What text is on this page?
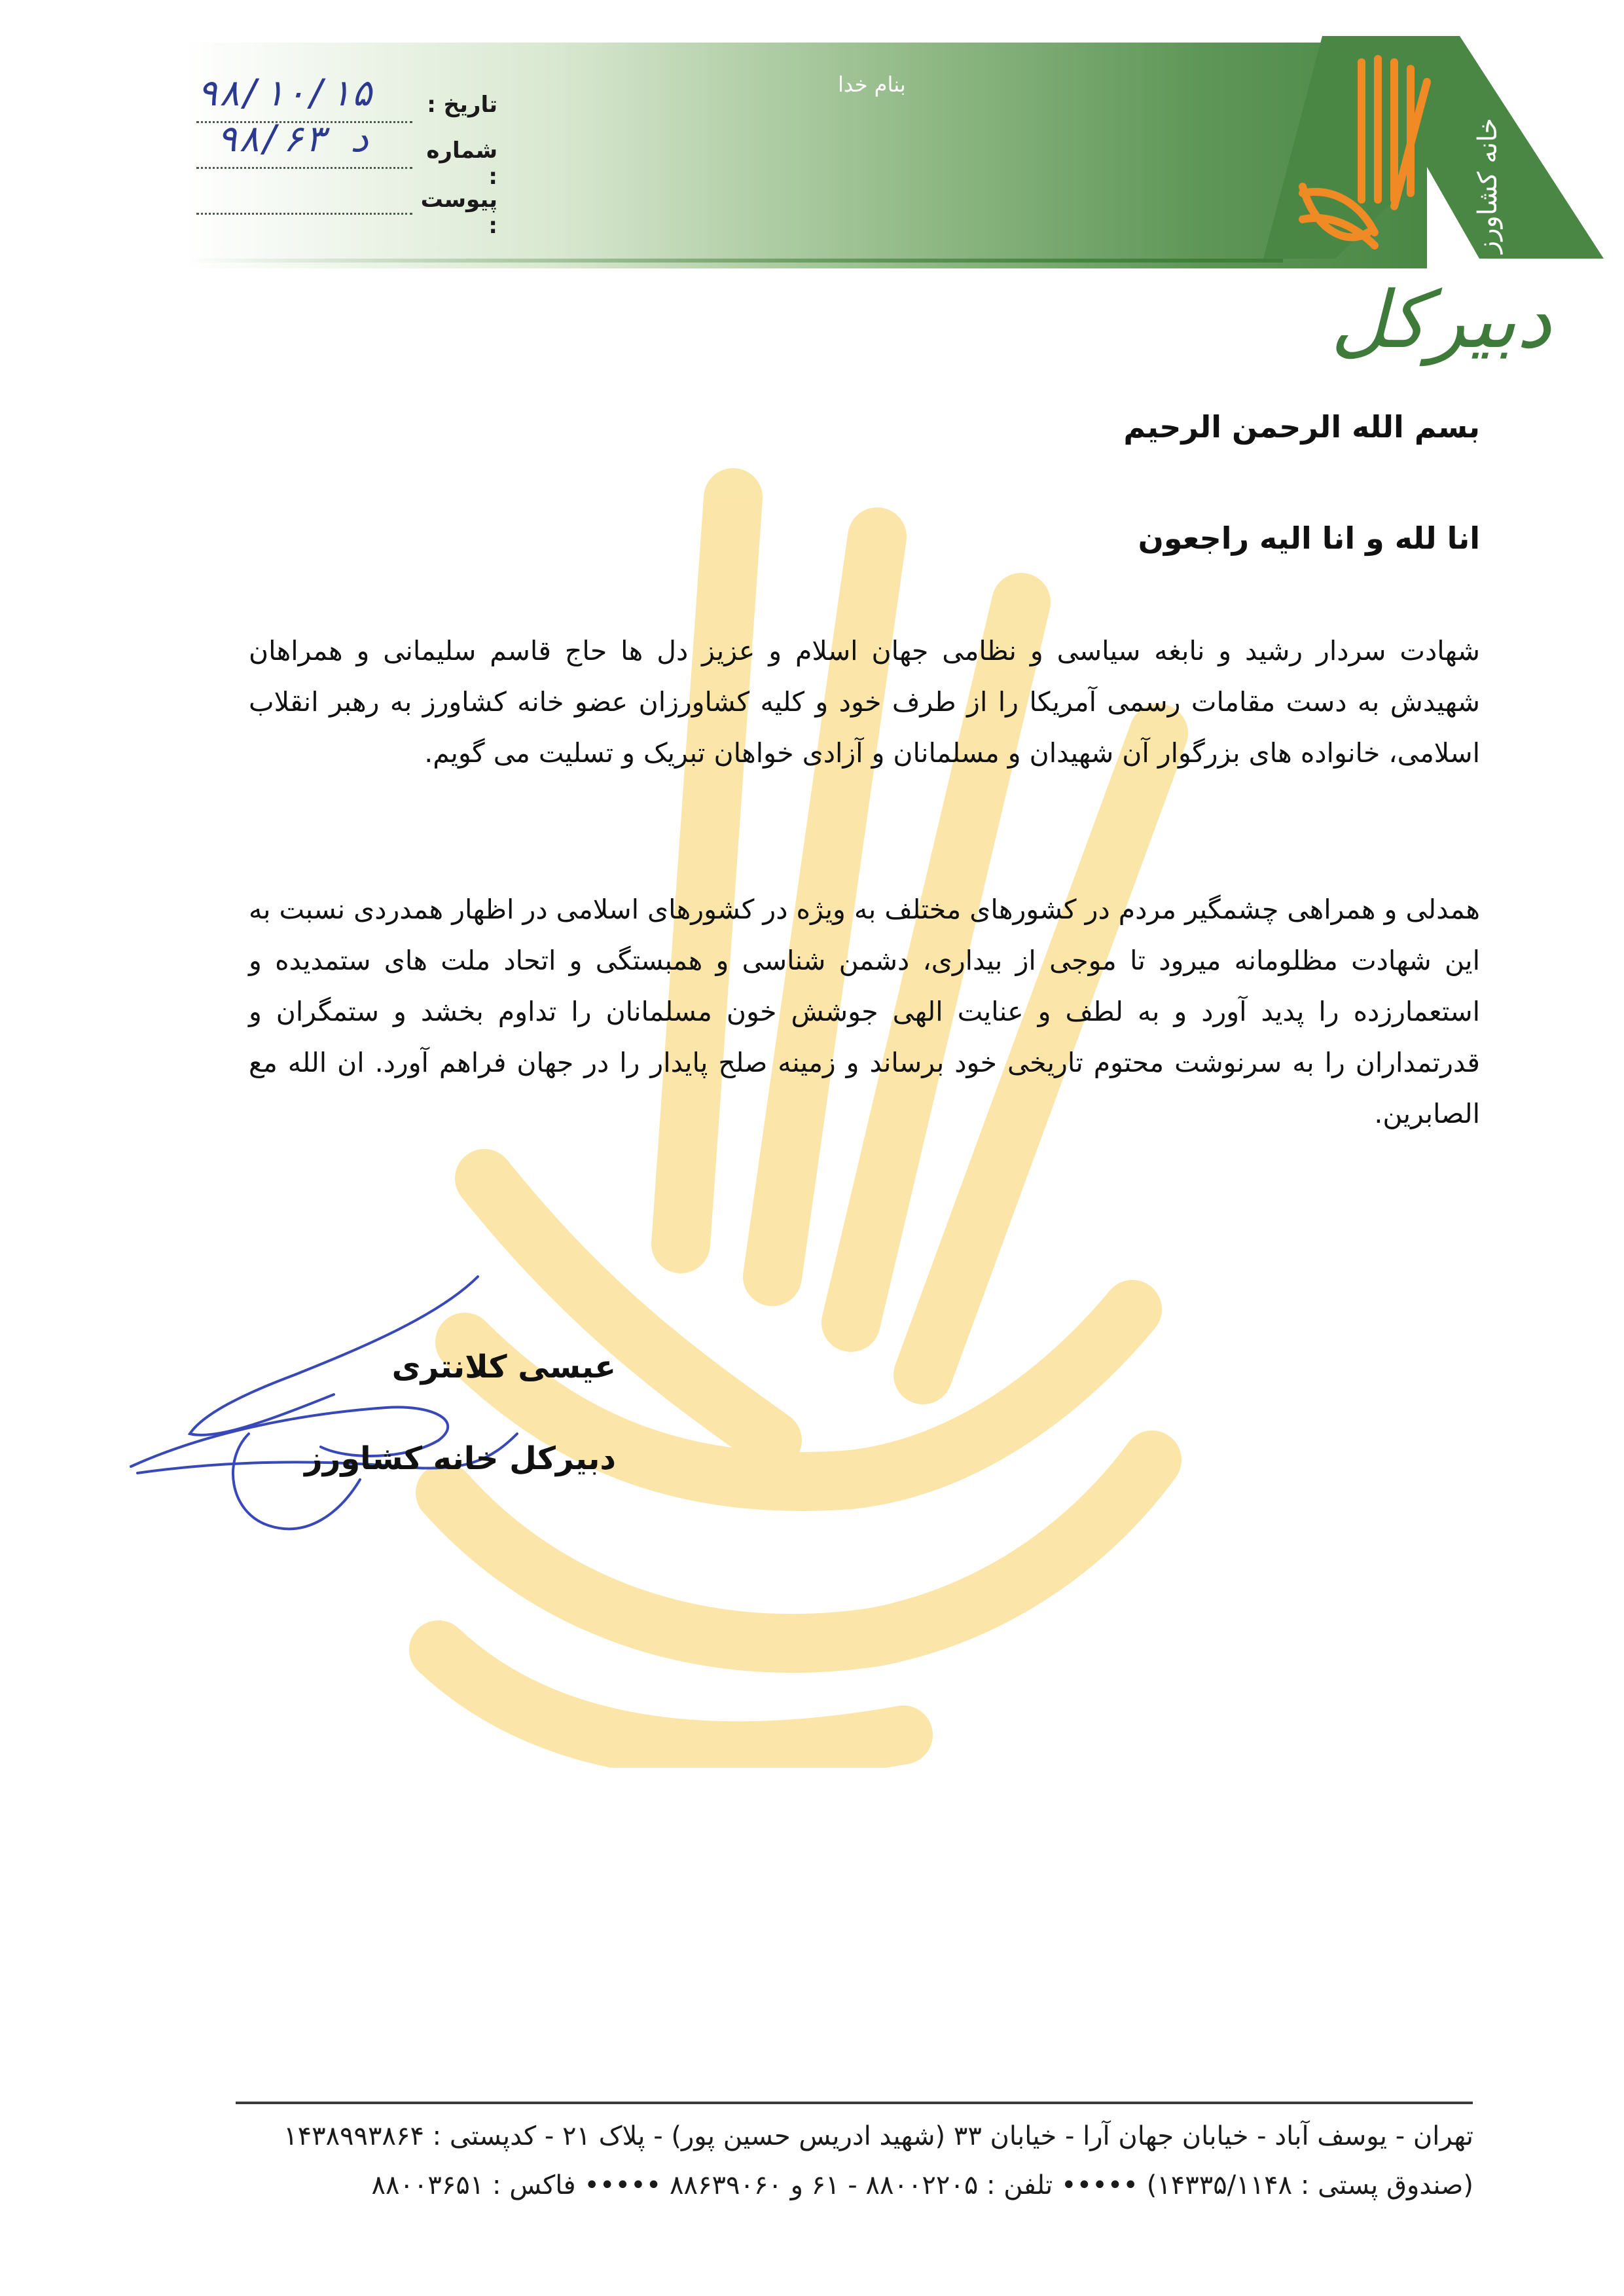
خانه کشاورز
دبیرکل
بنام خدا
تاریخ :
۹۸/۱۰/۱۵
شماره :
۹۸/۶۳ د
پیوست :
بسم الله الرحمن الرحیم
انا لله و انا الیه راجعون
شهادت سردار رشید و نابغه سیاسی و نظامی جهان اسلام و عزیز دل ها حاج قاسم سلیمانی و همراهان شهیدش به دست مقامات رسمی آمریکا را از طرف خود و کلیه کشاورزان عضو خانه کشاورز به رهبر انقلاب اسلامی، خانواده های بزرگوار آن شهیدان و مسلمانان و آزادی خواهان تبریک و تسلیت می گویم.
همدلی و همراهی چشمگیر مردم در کشورهای مختلف به ویژه در کشورهای اسلامی در اظهار همدردی نسبت به این شهادت مظلومانه میرود تا موجی از بیداری، دشمن شناسی و همبستگی و اتحاد ملت های ستمدیده و استعمارزده را پدید آورد و به لطف و عنایت الهی جوشش خون مسلمانان را تداوم بخشد و ستمگران و قدرتمداران را به سرنوشت محتوم تاریخی خود برساند و زمینه صلح پایدار را در جهان فراهم آورد. ان الله مع الصابرین.
عیسی کلانتری
دبیرکل خانه کشاورز
تهران - یوسف آباد - خیابان جهان آرا - خیابان ۳۳ (شهید ادریس حسین پور) - پلاک ۲۱ - کدپستی : ۱۴۳۸۹۹۳۸۶۴
(صندوق پستی : ۱۴۳۳۵/۱۱۴۸) ••••• تلفن : ۸۸۰۰۲۲۰۵ - ۶۱ و ۸۸۶۳۹۰۶۰ ••••• فاکس : ۸۸۰۰۳۶۵۱
